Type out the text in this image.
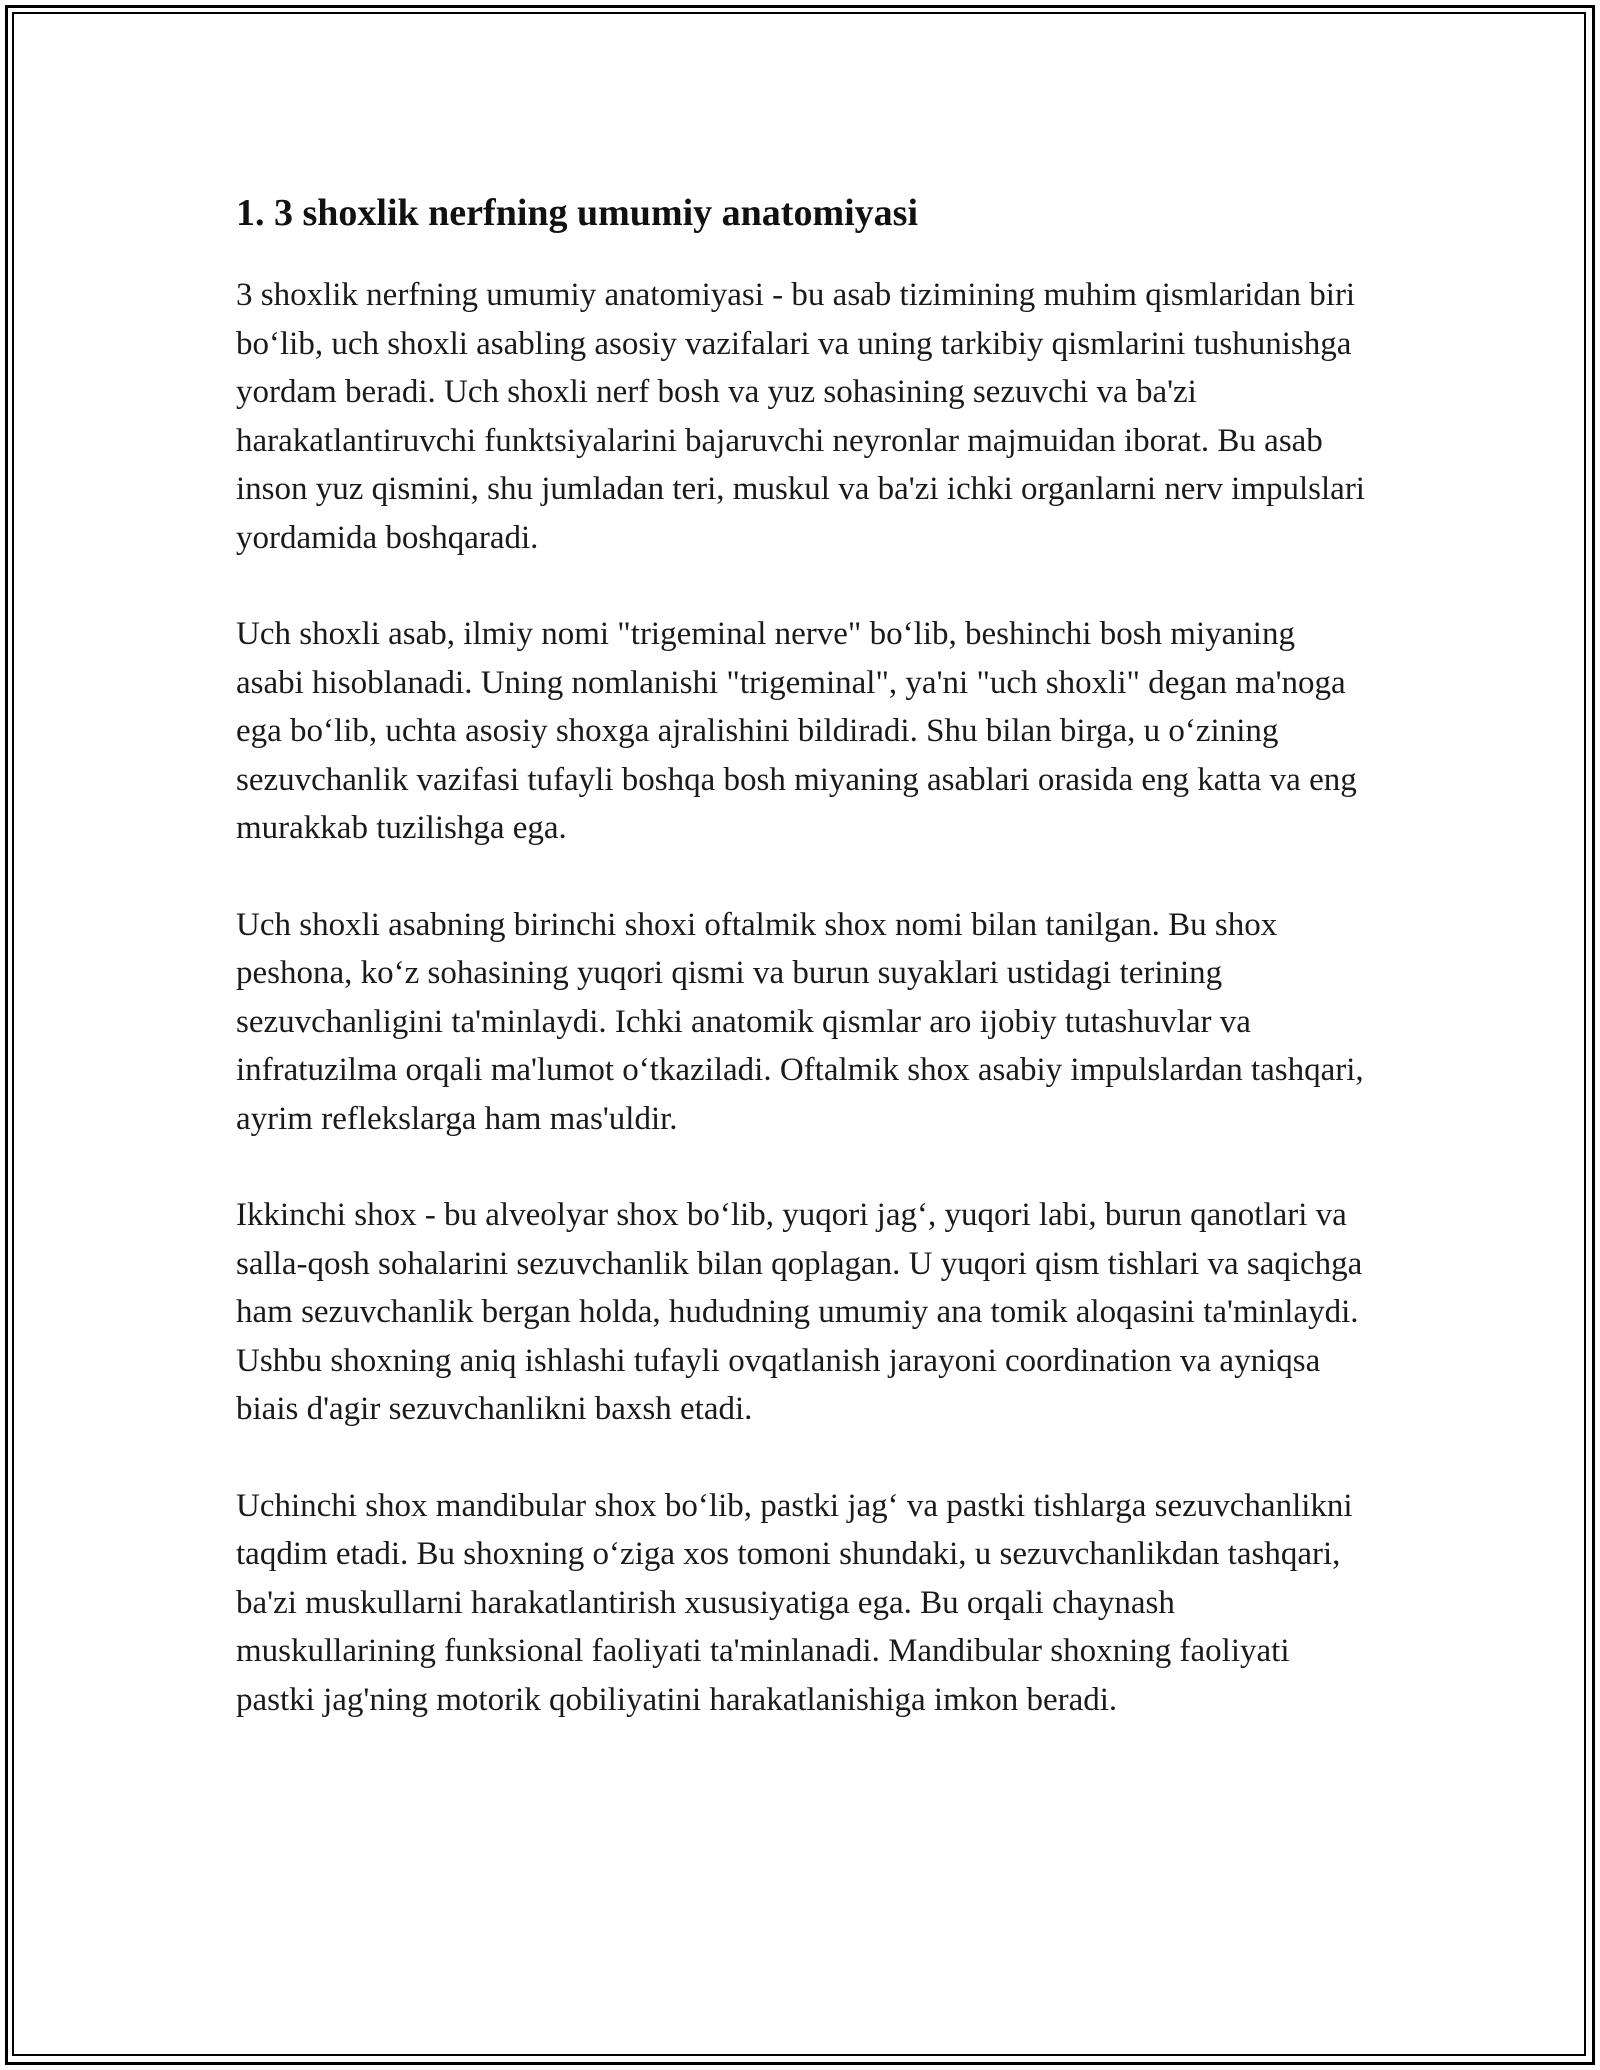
1. 3 shoxlik nerfning umumiy anatomiyasi

3 shoxlik nerfning umumiy anatomiyasi - bu asab tizimining muhim qismlaridan biri bo‘lib, uch shoxli asabling asosiy vazifalari va uning tarkibiy qismlarini tushunishga yordam beradi. Uch shoxli nerf bosh va yuz sohasining sezuvchi va ba'zi harakatlantiruvchi funktsiyalarini bajaruvchi neyronlar majmuidan iborat. Bu asab inson yuz qismini, shu jumladan teri, muskul va ba'zi ichki organlarni nerv impulslari yordamida boshqaradi.

Uch shoxli asab, ilmiy nomi "trigeminal nerve" bo‘lib, beshinchi bosh miyaning asabi hisoblanadi. Uning nomlanishi "trigeminal", ya'ni "uch shoxli" degan ma'noga ega bo‘lib, uchta asosiy shoxga ajralishini bildiradi. Shu bilan birga, u o‘zining sezuvchanlik vazifasi tufayli boshqa bosh miyaning asablari orasida eng katta va eng murakkab tuzilishga ega.

Uch shoxli asabning birinchi shoxi oftalmik shox nomi bilan tanilgan. Bu shox peshona, ko‘z sohasining yuqori qismi va burun suyaklari ustidagi terining sezuvchanligini ta'minlaydi. Ichki anatomik qismlar aro ijobiy tutashuvlar va infratuzilma orqali ma'lumot o‘tkaziladi. Oftalmik shox asabiy impulslardan tashqari, ayrim reflekslarga ham mas'uldir.

Ikkinchi shox - bu alveolyar shox bo‘lib, yuqori jag‘, yuqori labi, burun qanotlari va salla-qosh sohalarini sezuvchanlik bilan qoplagan. U yuqori qism tishlari va saqichga ham sezuvchanlik bergan holda, hududning umumiy ana tomik aloqasini ta'minlaydi. Ushbu shoxning aniq ishlashi tufayli ovqatlanish jarayoni coordination va ayniqsa biais d'agir sezuvchanlikni baxsh etadi.

Uchinchi shox mandibular shox bo‘lib, pastki jag‘ va pastki tishlarga sezuvchanlikni taqdim etadi. Bu shoxning o‘ziga xos tomoni shundaki, u sezuvchanlikdan tashqari, ba'zi muskullarni harakatlantirish xususiyatiga ega. Bu orqali chaynash muskullarining funksional faoliyati ta'minlanadi. Mandibular shoxning faoliyati pastki jag'ning motorik qobiliyatini harakatlanishiga imkon beradi.
